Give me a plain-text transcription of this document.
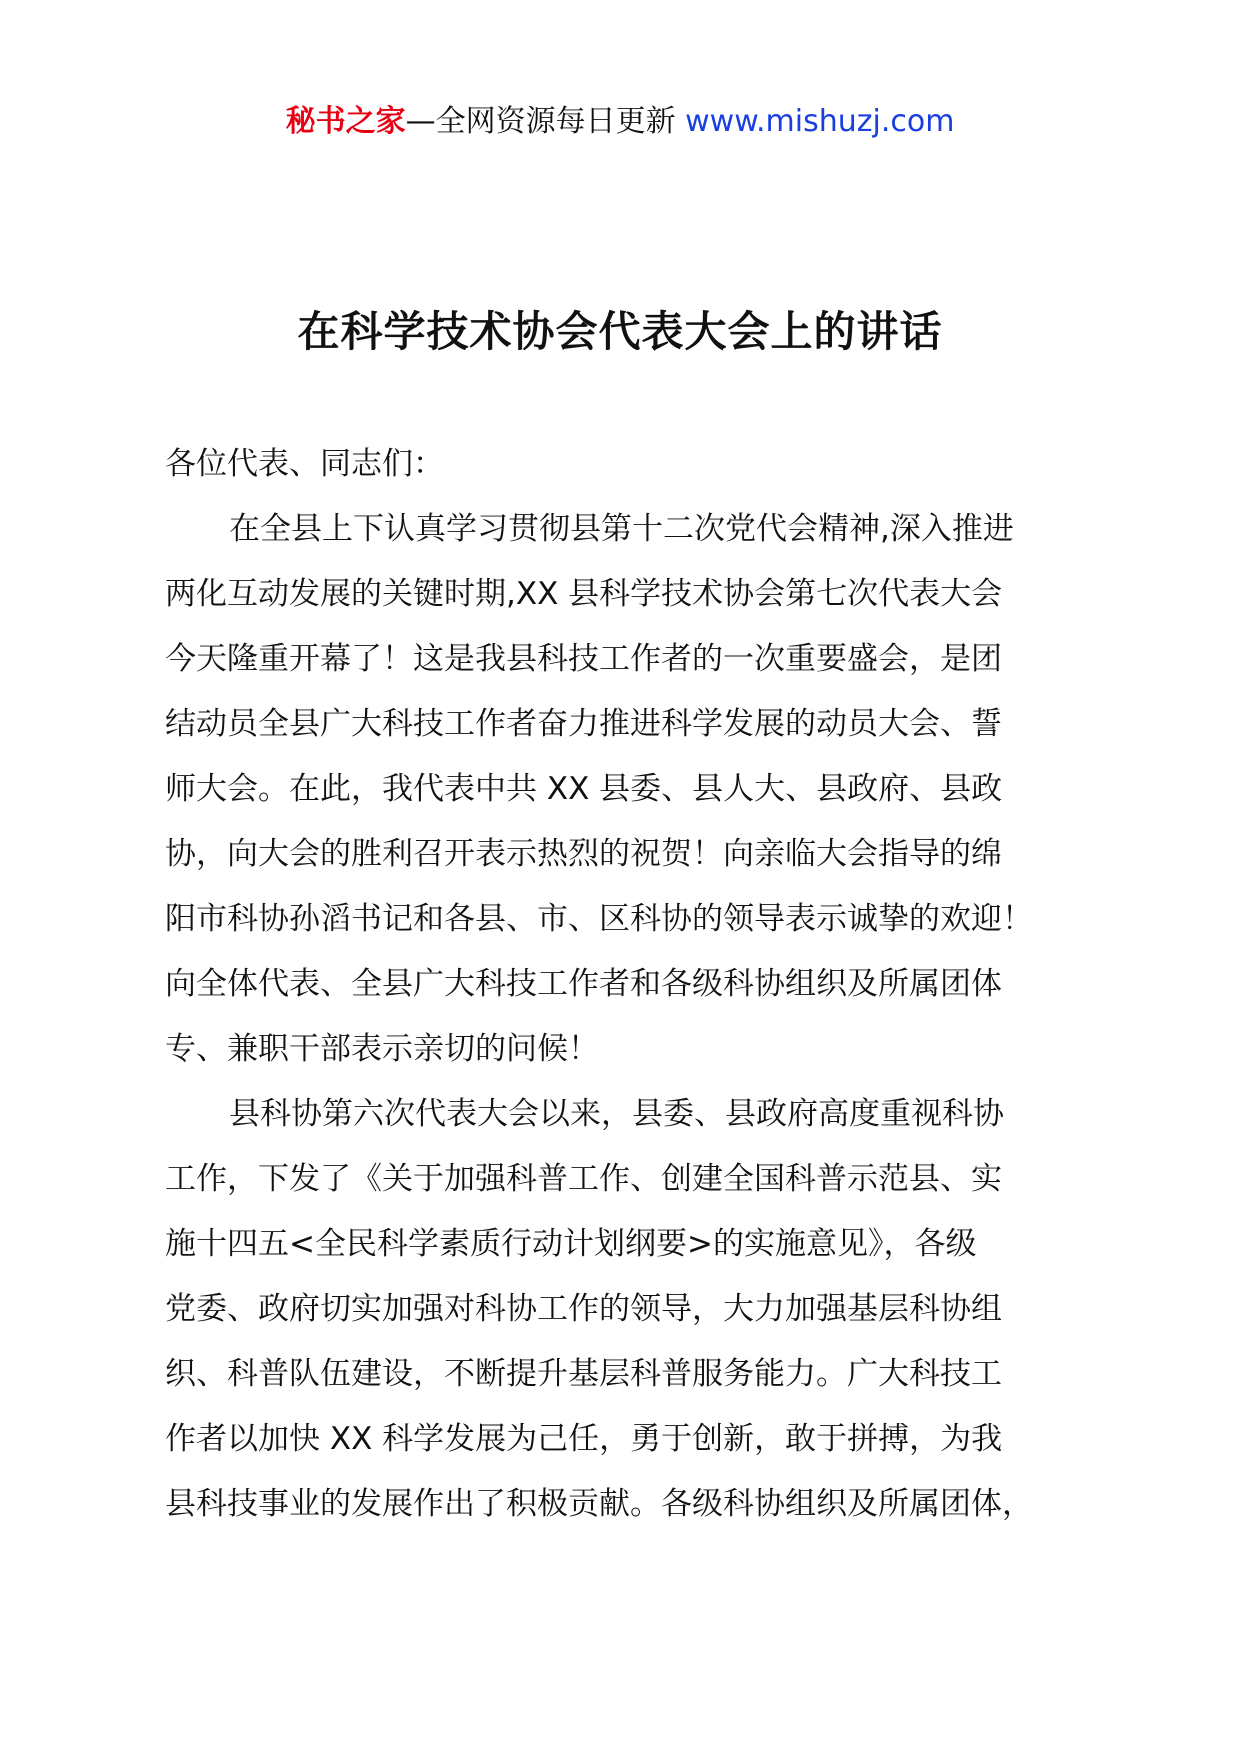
秘书之家—全网资源每日更新 www.mishuzj.com
在科学技术协会代表大会上的讲话
各位代表、同志们：
在全县上下认真学习贯彻县第十二次党代会精神,深入推进
两化互动发展的关键时期,XX 县科学技术协会第七次代表大会
今天隆重开幕了！这是我县科技工作者的一次重要盛会，是团
结动员全县广大科技工作者奋力推进科学发展的动员大会、誓
师大会。在此，我代表中共 XX 县委、县人大、县政府、县政
协，向大会的胜利召开表示热烈的祝贺！向亲临大会指导的绵
阳市科协孙滔书记和各县、市、区科协的领导表示诚挚的欢迎！
向全体代表、全县广大科技工作者和各级科协组织及所属团体
专、兼职干部表示亲切的问候！
县科协第六次代表大会以来，县委、县政府高度重视科协
工作，下发了《关于加强科普工作、创建全国科普示范县、实
施十四五<全民科学素质行动计划纲要>的实施意见》，各级
党委、政府切实加强对科协工作的领导，大力加强基层科协组
织、科普队伍建设，不断提升基层科普服务能力。广大科技工
作者以加快 XX 科学发展为己任，勇于创新，敢于拼搏，为我
县科技事业的发展作出了积极贡献。各级科协组织及所属团体，
